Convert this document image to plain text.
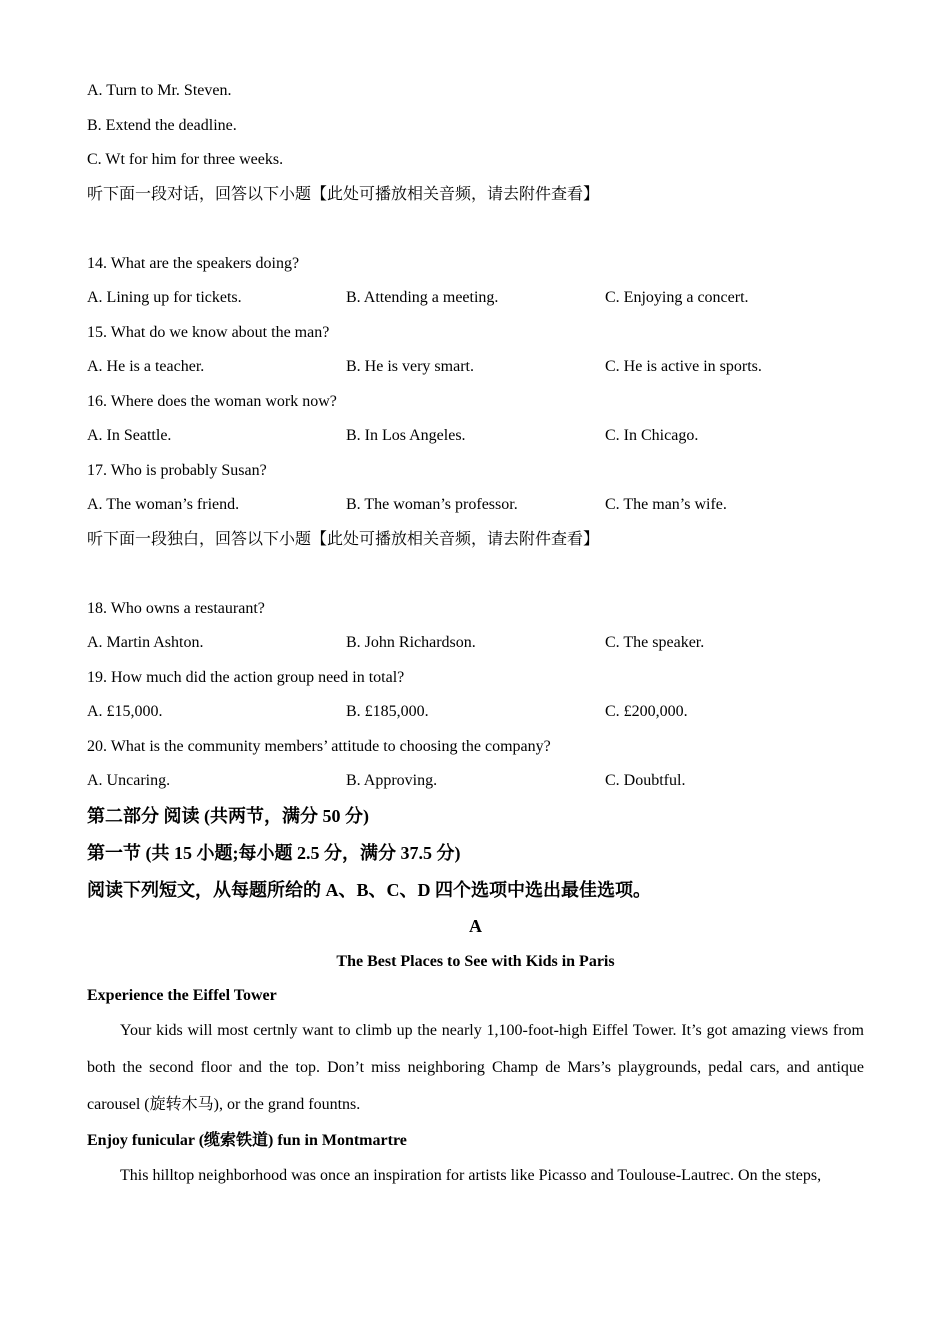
A. Turn to Mr. Steven.
B. Extend the deadline.
C. Wt for him for three weeks.
听下面一段对话，回答以下小题【此处可播放相关音频，请去附件查看】
14. What are the speakers doing?
A. Lining up for tickets.	B. Attending a meeting.	C. Enjoying a concert.
15. What do we know about the man?
A. He is a teacher.	B. He is very smart.	C. He is active in sports.
16. Where does the woman work now?
A. In Seattle.	B. In Los Angeles.	C. In Chicago.
17. Who is probably Susan?
A. The woman’s friend.	B. The woman’s professor.	C. The man’s wife.
听下面一段独白，回答以下小题【此处可播放相关音频，请去附件查看】
18. Who owns a restaurant?
A. Martin Ashton.	B. John Richardson.	C. The speaker.
19. How much did the action group need in total?
A. £15,000.	B. £185,000.	C. £200,000.
20. What is the community members’ attitude to choosing the company?
A. Uncaring.	B. Approving.	C. Doubtful.
第二部分 阅读 (共两节，满分 50 分)
第一节 (共 15 小题;每小题 2.5 分，满分 37.5 分)
阅读下列短文，从每题所给的 A、B、C、D 四个选项中选出最佳选项。
A
The Best Places to See with Kids in Paris
Experience the Eiffel Tower
Your kids will most certnly want to climb up the nearly 1,100-foot-high Eiffel Tower. It’s got amazing views from both the second floor and the top. Don’t miss neighboring Champ de Mars’s playgrounds, pedal cars, and antique carousel (旋转木马), or the grand fountns.
Enjoy funicular (缆索铁道) fun in Montmartre
This hilltop neighborhood was once an inspiration for artists like Picasso and Toulouse-Lautrec. On the steps,
